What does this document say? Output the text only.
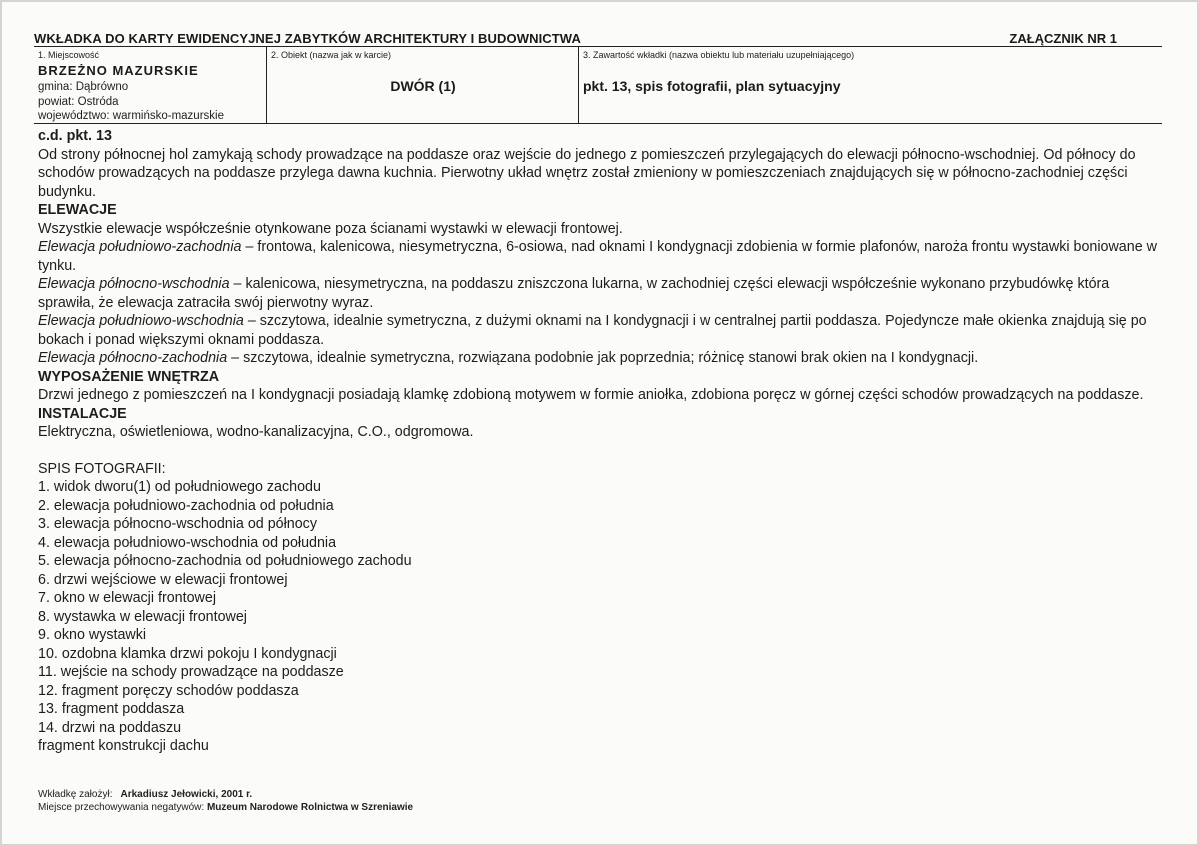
WKŁADKA DO KARTY EWIDENCYJNEJ ZABYTKÓW ARCHITEKTURY I BUDOWNICTWA	ZAŁĄCZNIK NR 1
1. Miejscowość
BRZEŻNO MAZURSKIE
gmina: Dąbrówno
powiat: Ostróda
województwo: warmińsko-mazurskie
2. Obiekt (nazwa jak w karcie)
DWÓR (1)
3. Zawartość wkładki (nazwa obiektu lub materiału uzupełniającego)
pkt. 13, spis fotografii, plan sytuacyjny

c.d. pkt. 13

Od strony północnej hol zamykają schody prowadzące na poddasze oraz wejście do jednego z pomieszczeń przylegających do elewacji północno-wschodniej. Od północy do schodów prowadzących na poddasze przylega dawna kuchnia. Pierwotny układ wnętrz został zmieniony w pomieszczeniach znajdujących się w północno-zachodniej części budynku.

ELEWACJE

Wszystkie elewacje współcześnie otynkowane poza ścianami wystawki w elewacji frontowej.

Elewacja południowo-zachodnia – frontowa, kalenicowa, niesymetryczna, 6-osiowa, nad oknami I kondygnacji zdobienia w formie plafonów, naroża frontu wystawki boniowane w tynku.

Elewacja północno-wschodnia – kalenicowa, niesymetryczna, na poddaszu zniszczona lukarna, w zachodniej części elewacji współcześnie wykonano przybudówkę która sprawiła, że elewacja zatraciła swój pierwotny wyraz.

Elewacja południowo-wschodnia – szczytowa, idealnie symetryczna, z dużymi oknami na I kondygnacji i w centralnej partii poddasza. Pojedyncze małe okienka znajdują się po bokach i ponad większymi oknami poddasza.

Elewacja północno-zachodnia – szczytowa, idealnie symetryczna, rozwiązana podobnie jak poprzednia; różnicę stanowi brak okien na I kondygnacji.

WYPOSAŻENIE WNĘTRZA

Drzwi jednego z pomieszczeń na I kondygnacji posiadają klamkę zdobioną motywem w formie aniołka, zdobiona poręcz w górnej części schodów prowadzących na poddasze.

INSTALACJE

Elektryczna, oświetleniowa, wodno-kanalizacyjna, C.O., odgromowa.

SPIS FOTOGRAFII:

1. widok dworu(1) od południowego zachodu
2. elewacja południowo-zachodnia od południa
3. elewacja północno-wschodnia od północy
4. elewacja południowo-wschodnia od południa
5. elewacja północno-zachodnia od południowego zachodu
6. drzwi wejściowe w elewacji frontowej
7. okno w elewacji frontowej
8. wystawka w elewacji frontowej
9. okno wystawki
10. ozdobna klamka drzwi pokoju I kondygnacji
11. wejście na schody prowadzące na poddasze
12. fragment poręczy schodów poddasza
13. fragment poddasza
14. drzwi na poddaszu
fragment konstrukcji dachu
Wkładkę założył: Arkadiusz Jełowicki, 2001 r.
Miejsce przechowywania negatywów: Muzeum Narodowe Rolnictwa w Szreniawie
